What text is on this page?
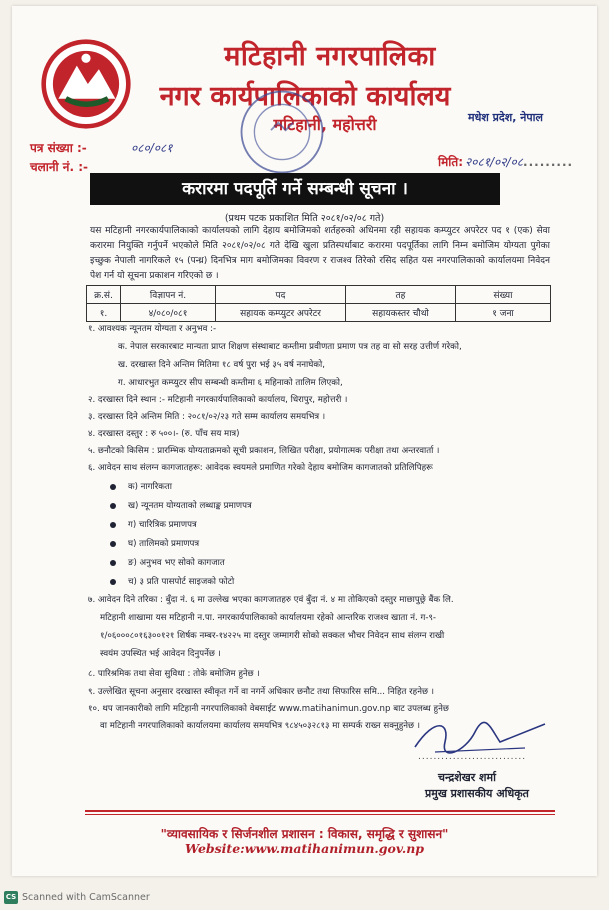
मटिहानी नगरपालिका
नगर कार्यपालिकाको कार्यालय
मटिहानी, महोत्तरी	मधेश प्रदेश, नेपाल
पत्र संख्या :-	०८०/०८१
चलानी नं. :-	मिति: २०८१/०२/०८.........
करारमा पदपूर्ति गर्ने सम्बन्धी सूचना ।
(प्रथम पटक प्रकाशित मिति २०८१/०२/०८ गते)
यस मटिहानी नगरकार्यपालिकाको कार्यालयको लागि देहाय बमोजिमको शर्तहरुको अधिनमा रही सहायक कम्प्युटर अपरेटर पद १ (एक) सेवा करारमा नियुक्ति गर्नुपर्ने भएकोले मिति २०८१/०२/०८ गते देखि खुला प्रतिस्पर्धाबाट करारमा पदपूर्तिका लागि निम्न बमोजिम योग्यता पुगेका इच्छुक नेपाली नागरिकले १५ (पन्ध्र) दिनभित्र माग बमोजिमका विवरण र राजश्व तिरेको रसिद सहित यस नगरपालिकाको कार्यालयमा निवेदन पेश गर्न यो सूचना प्रकाशन गरिएको छ ।
क्र.सं.	विज्ञापन नं.	पद	तह	संख्या
१.	४/०८०/०८१	सहायक कम्प्युटर अपरेटर	सहायकस्तर चौथो	१ जना
१. आवश्यक न्यूनतम योग्यता र अनुभव :-
क. नेपाल सरकारबाट मान्यता प्राप्त शिक्षण संस्थाबाट कम्तीमा प्रवीणता प्रमाण पत्र तह वा सो सरह उत्तीर्ण गरेको,
ख. दरखास्त दिने अन्तिम मितिमा १८ वर्ष पुरा भई ३५ वर्ष ननाघेको,
ग. आधारभुत कम्प्युटर सीप सम्बन्धी कम्तीमा ६ महिनाको तालिम लिएको,
२. दरखास्त दिने स्थान :- मटिहानी नगरकार्यपालिकाको कार्यालय, धिरापुर, महोत्तरी ।
३. दरखास्त दिने अन्तिम मिति : २०८१/०२/२३ गते सम्म कार्यालय समयभित्र ।
४. दरखास्त दस्तुर : रु ५००।- (रु. पाँच सय मात्र)
५. छनौटको किसिम : प्रारम्भिक योग्यताक्रमको सूची प्रकाशन, लिखित परीक्षा, प्रयोगात्मक परीक्षा तथा अन्तरवार्ता ।
६. आवेदन साथ संलग्न कागजातहरू: आवेदक स्वयमले प्रमाणित गरेको देहाय बमोजिम कागजातको प्रतिलिपिहरू
क) नागरिकता
ख) न्यूनतम योग्यताको लब्धाङ्क प्रमाणपत्र
ग) चारित्रिक प्रमाणपत्र
घ) तालिमको प्रमाणपत्र
ङ) अनुभव भए सोको कागजात
च) ३ प्रति पासपोर्ट साइजको फोटो
७. आवेदन दिने तरिका : बुँदा नं. ६ मा उल्लेख भएका कागजातहरु एवं बुँदा नं. ४ मा तोकिएको दस्तुर माछापुछ्रे बैंक लि.
मटिहानी शाखामा यस मटिहानी न.पा. नगरकार्यपालिकाको कार्यालयमा रहेको आन्तरिक राजश्व खाता नं. ग-९-
१/०६०००८०१६३००१२१ शिर्षक नम्बर-१४२२५ मा दस्तुर जम्मागरी सोको सक्कल भौचर निवेदन साथ संलग्न राखी
स्वयंम उपस्थित भई आवेदन दिनुपर्नेछ ।
८. पारिश्रमिक तथा सेवा सुविधा : तोके बमोजिम हुनेछ ।
९. उल्लेखित सूचना अनुसार दरखास्त स्वीकृत गर्ने वा नगर्ने अधिकार छनौट तथा सिफारिस समि... निहित रहनेछ ।
१०. थप जानकारीको लागि मटिहानी नगरपालिकाको वेबसाईट www.matihanimun.gov.np बाट उपलब्ध हुनेछ
वा मटिहानी नगरपालिकाको कार्यालयमा कार्यालय समयभित्र ९८४५०३२८१३ मा सम्पर्क राख्न सक्नुहुनेछ ।
............................
चन्द्रशेखर शर्मा
प्रमुख प्रशासकीय अधिकृत
"व्यावसायिक र सिर्जनशील प्रशासन : विकास, समृद्धि र सुशासन"
Website:www.matihanimun.gov.np
CS Scanned with CamScanner
